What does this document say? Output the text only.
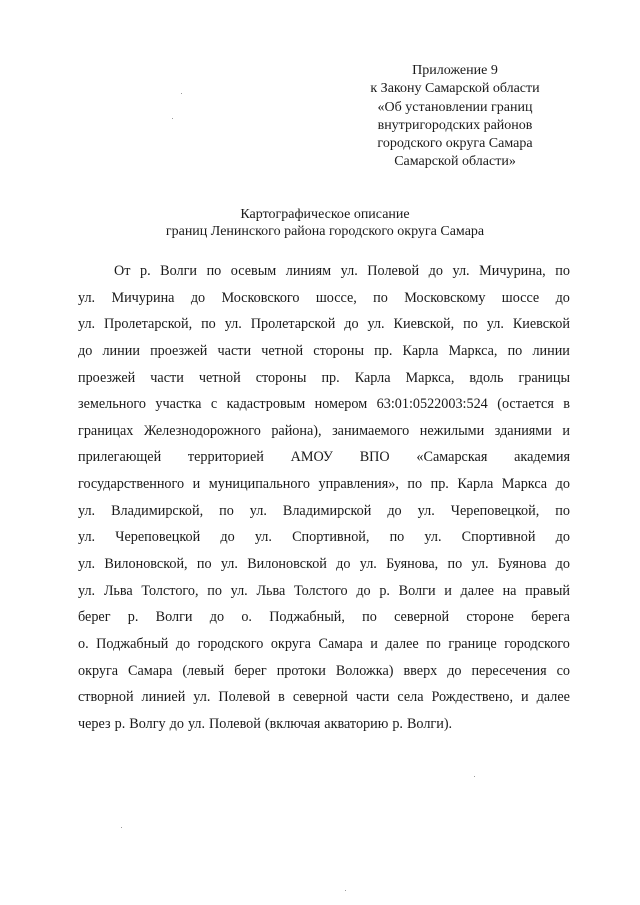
Приложение 9
к Закону Самарской области
«Об установлении границ
внутригородских районов
городского округа Самара
Самарской области»
Картографическое описание
границ Ленинского района городского округа Самара
От р. Волги по осевым линиям ул. Полевой до ул. Мичурина, по
ул. Мичурина до Московского шоссе, по Московскому шоссе до
ул. Пролетарской, по ул. Пролетарской до ул. Киевской, по ул. Киевской
до линии проезжей части четной стороны пр. Карла Маркса, по линии
проезжей части четной стороны пр. Карла Маркса, вдоль границы
земельного участка с кадастровым номером 63:01:0522003:524 (остается в
границах Железнодорожного района), занимаемого нежилыми зданиями и
прилегающей территорией АМОУ ВПО «Самарская академия
государственного и муниципального управления», по пр. Карла Маркса до
ул. Владимирской, по ул. Владимирской до ул. Череповецкой, по
ул. Череповецкой до ул. Спортивной, по ул. Спортивной до
ул. Вилоновской, по ул. Вилоновской до ул. Буянова, по ул. Буянова до
ул. Льва Толстого, по ул. Льва Толстого до р. Волги и далее на правый
берег р. Волги до о. Поджабный, по северной стороне берега
о. Поджабный до городского округа Самара и далее по границе городского
округа Самара (левый берег протоки Воложка) вверх до пересечения со
створной линией ул. Полевой в северной части села Рождествено, и далее
через р. Волгу до ул. Полевой (включая акваторию р. Волги).
